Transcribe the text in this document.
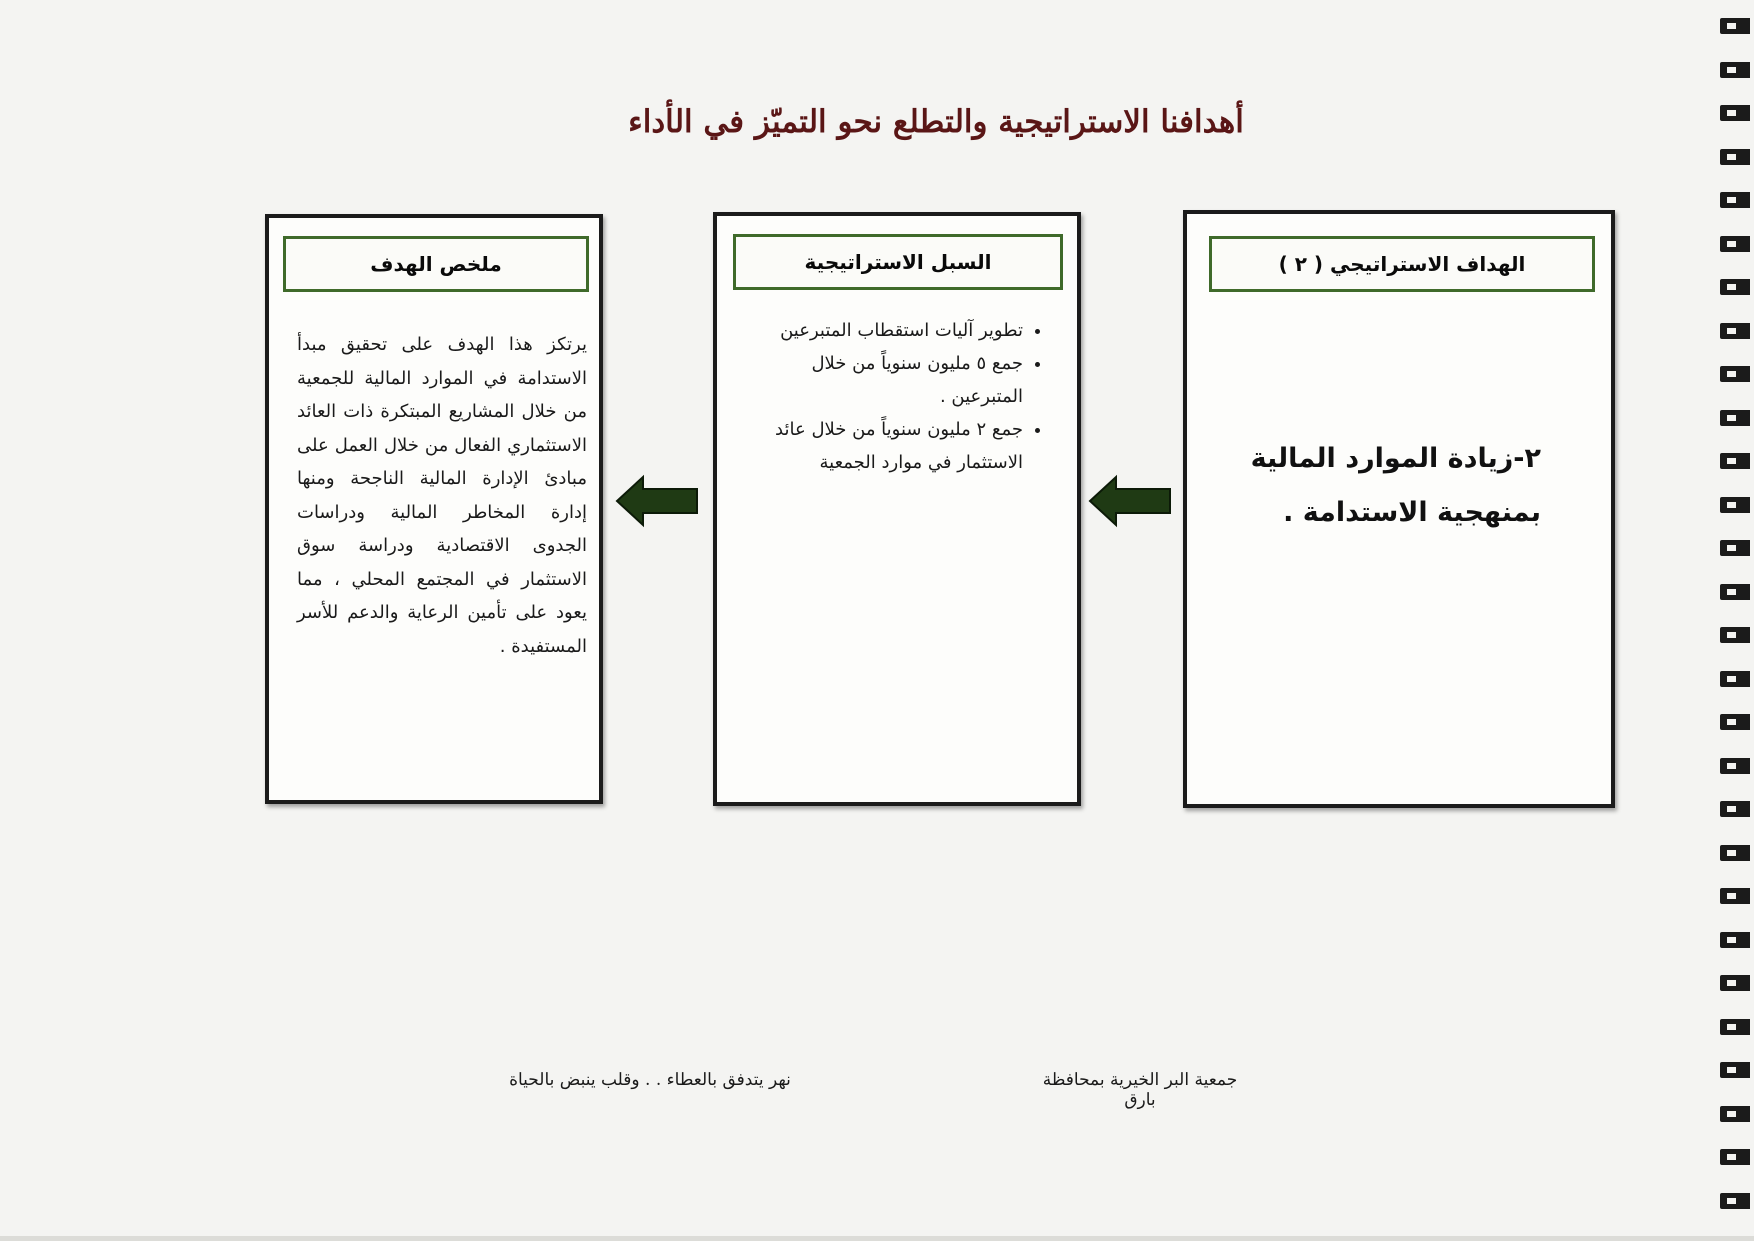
أهدافنا الاستراتيجية والتطلع نحو التميّز في الأداء
الهداف الاستراتيجي ( ٢ )
٢-زيادة الموارد المالية بمنهجية الاستدامة .
السبل الاستراتيجية
• تطوير آليات استقطاب المتبرعين
• جمع ٥ مليون سنوياً من خلال المتبرعين .
• جمع ٢ مليون سنوياً من خلال عائد الاستثمار في موارد الجمعية
ملخص الهدف
يرتكز هذا الهدف على تحقيق مبدأ الاستدامة في الموارد المالية للجمعية من خلال المشاريع المبتكرة ذات العائد الاستثماري الفعال من خلال العمل على مبادئ الإدارة المالية الناجحة ومنها إدارة المخاطر المالية ودراسات الجدوى الاقتصادية ودراسة سوق الاستثمار في المجتمع المحلي ، مما يعود على تأمين الرعاية والدعم للأسر المستفيدة .
جمعية البر الخيرية بمحافظة بارق
نهر يتدفق بالعطاء . . وقلب ينبض بالحياة
